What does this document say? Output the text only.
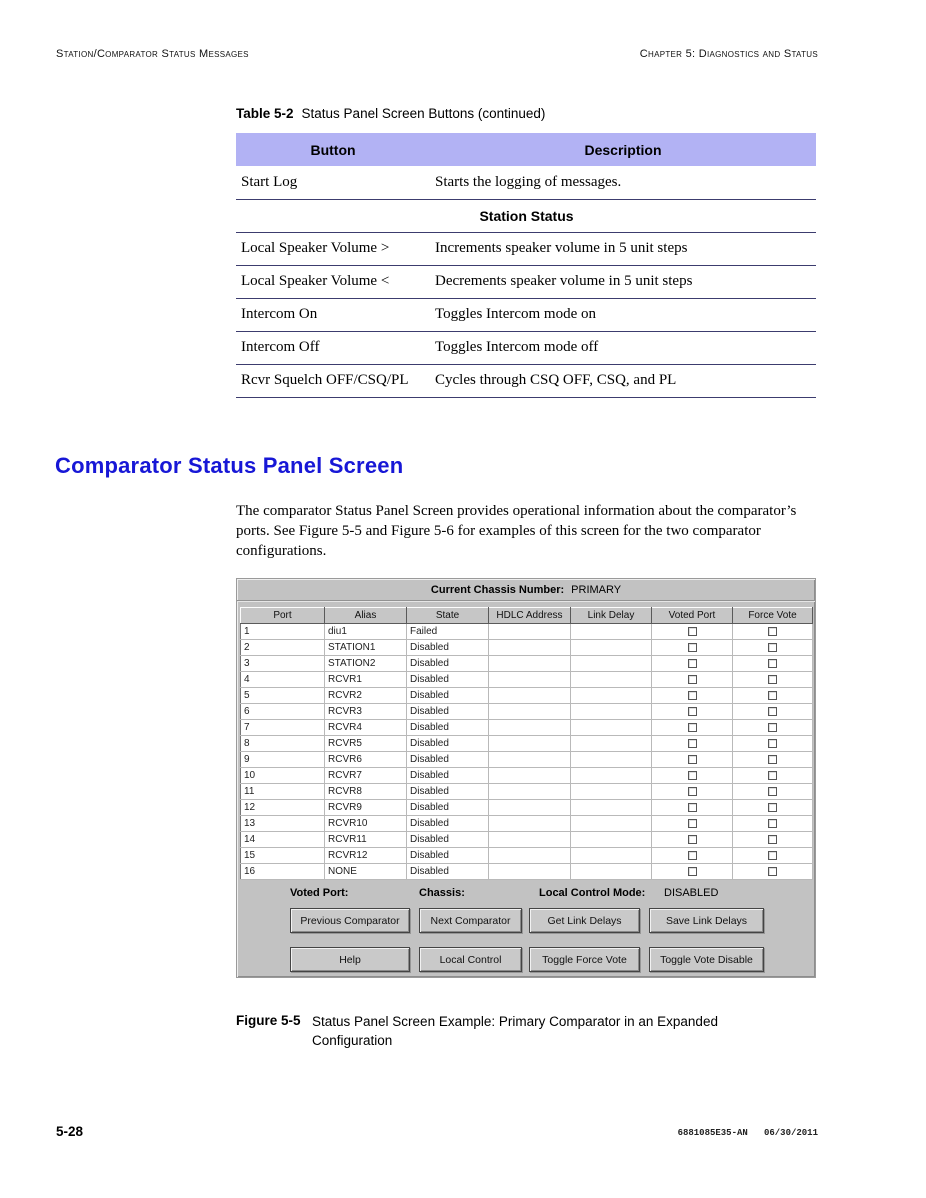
Station/Comparator Status Messages	Chapter 5: Diagnostics and Status
Table 5-2 Status Panel Screen Buttons (continued)
Button	Description
Start Log	Starts the logging of messages.
Station Status	
Local Speaker Volume >	Increments speaker volume in 5 unit steps
Local Speaker Volume <	Decrements speaker volume in 5 unit steps
Intercom On	Toggles Intercom mode on
Intercom Off	Toggles Intercom mode off
Rcvr Squelch OFF/CSQ/PL	Cycles through CSQ OFF, CSQ, and PL
Comparator Status Panel Screen

The comparator Status Panel Screen provides operational information about the comparator’s ports. See Figure 5-5 and Figure 5-6 for examples of this screen for the two comparator configurations.

Current Chassis Number: PRIMARY
Port	Alias	State	HDLC Address	Link Delay	Voted Port	Force Vote
1	diu1	Failed				
2	STATION1	Disabled				
3	STATION2	Disabled				
4	RCVR1	Disabled				
5	RCVR2	Disabled				
6	RCVR3	Disabled				
7	RCVR4	Disabled				
8	RCVR5	Disabled				
9	RCVR6	Disabled				
10	RCVR7	Disabled				
11	RCVR8	Disabled				
12	RCVR9	Disabled				
13	RCVR10	Disabled				
14	RCVR11	Disabled				
15	RCVR12	Disabled				
16	NONE	Disabled				
Voted Port:	Chassis:	Local Control Mode: DISABLED
Previous Comparator	Next Comparator	Get Link Delays	Save Link Delays
Help	Local Control	Toggle Force Vote	Toggle Vote Disable
Figure 5-5 Status Panel Screen Example: Primary Comparator in an Expanded Configuration
5-28	6881085E35-AN   06/30/2011
